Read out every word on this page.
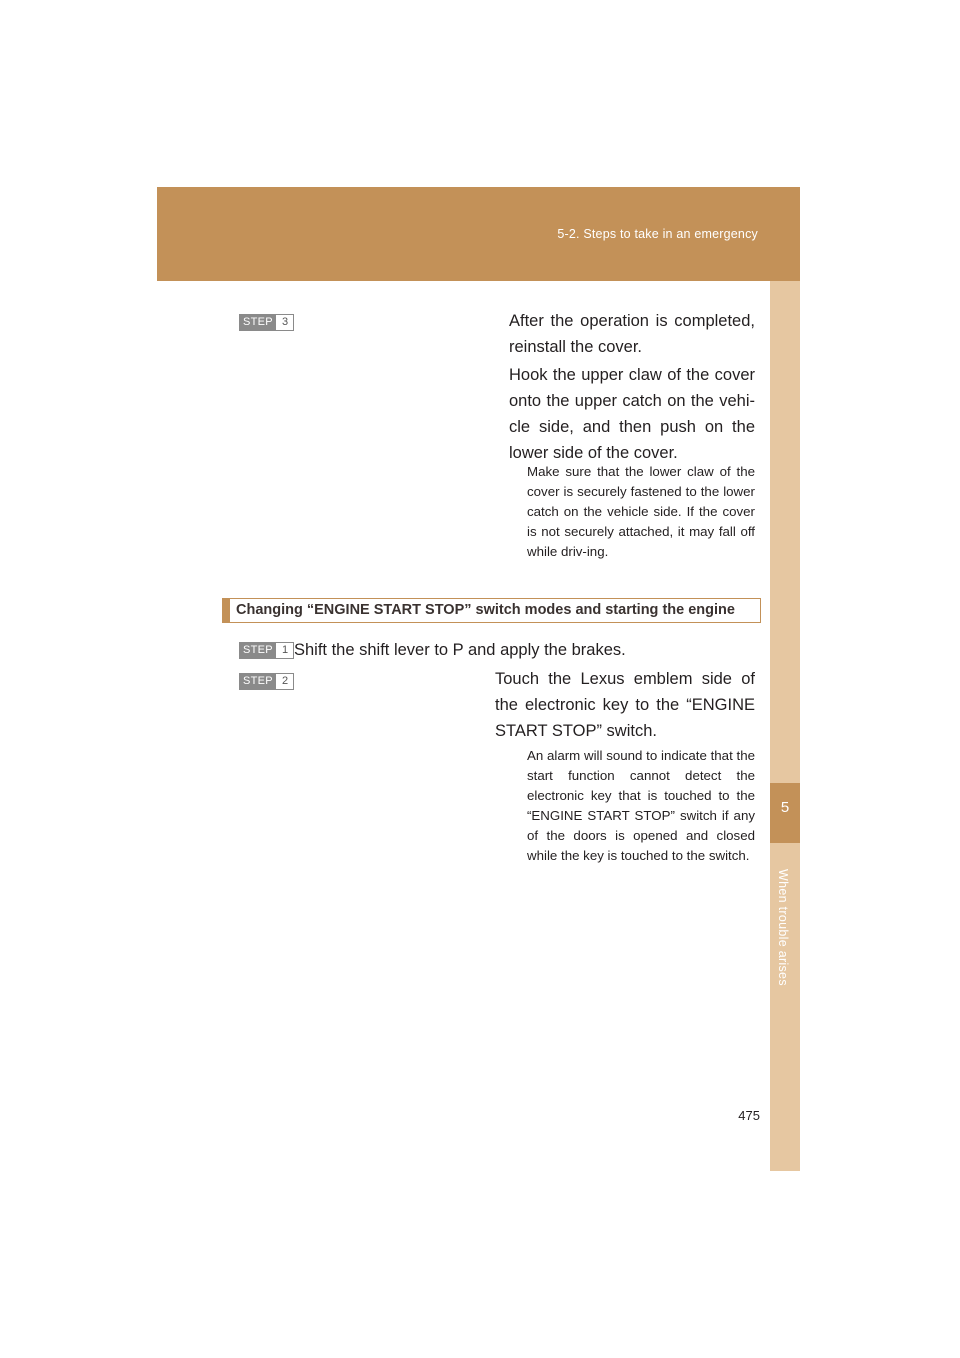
5-2. Steps to take in an emergency
5
When trouble arises
STEP 3	After the operation is completed, reinstall the cover.
Hook the upper claw of the cover onto the upper catch on the vehi-cle side, and then push on the lower side of the cover.
Make sure that the lower claw of the cover is securely fastened to the lower catch on the vehicle side. If the cover is not securely attached, it may fall off while driv-ing.
Changing “ENGINE START STOP” switch modes and starting the engine
STEP 1 Shift the shift lever to P and apply the brakes.
STEP 2	Touch the Lexus emblem side of the electronic key to the “ENGINE START STOP” switch.
An alarm will sound to indicate that the start function cannot detect the electronic key that is touched to the “ENGINE START STOP” switch if any of the doors is opened and closed while the key is touched to the switch.
475
